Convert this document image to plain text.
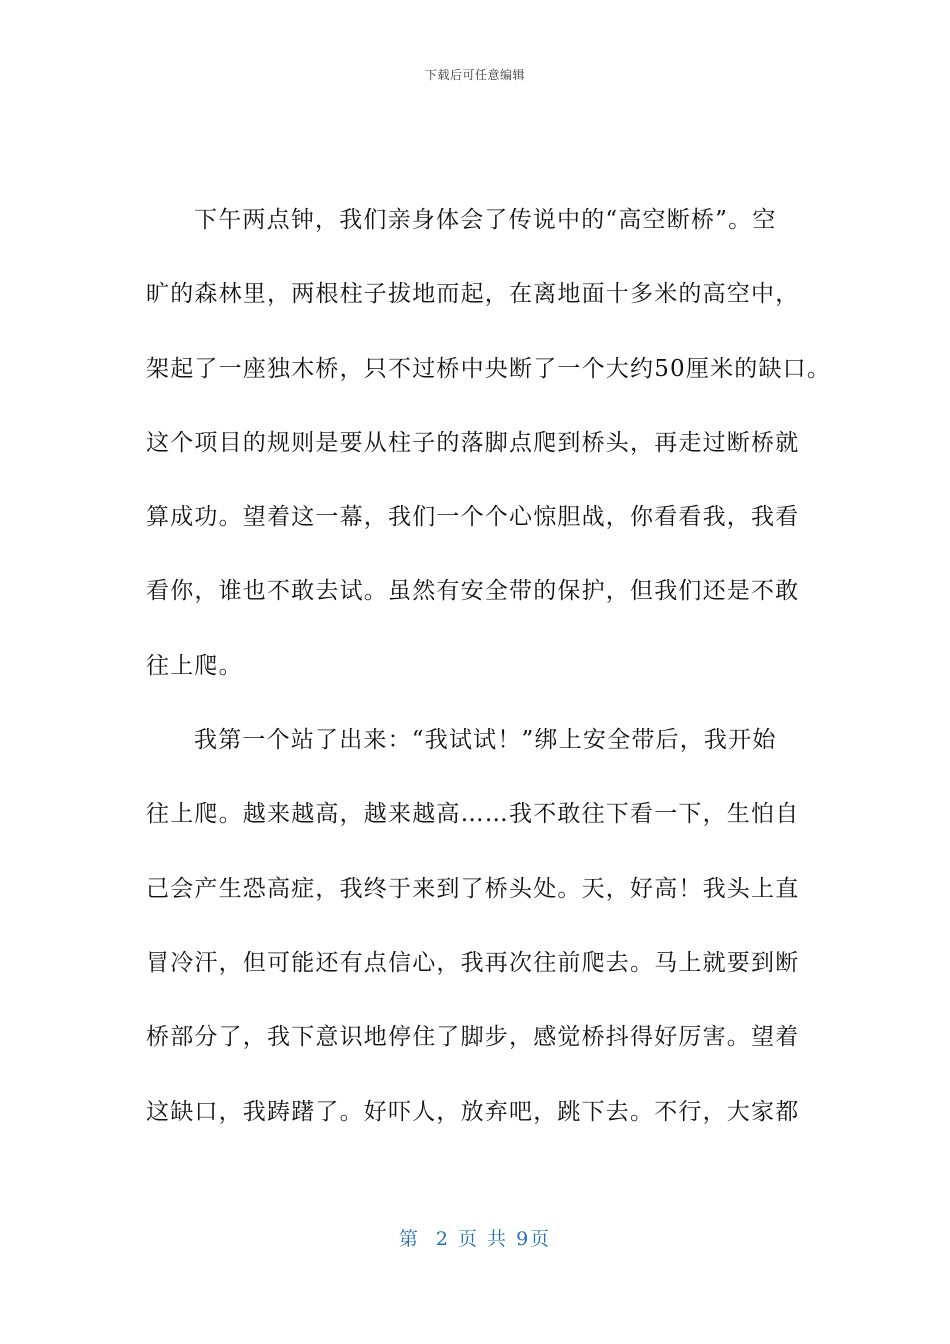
下载后可任意编辑
下午两点钟，我们亲身体会了传说中的“高空断桥”。空
旷的森林里，两根柱子拔地而起，在离地面十多米的高空中，
架起了一座独木桥，只不过桥中央断了一个大约50厘米的缺口。
这个项目的规则是要从柱子的落脚点爬到桥头，再走过断桥就
算成功。望着这一幕，我们一个个心惊胆战，你看看我，我看
看你，谁也不敢去试。虽然有安全带的保护，但我们还是不敢
往上爬。
我第一个站了出来：“我试试！”绑上安全带后，我开始
往上爬。越来越高，越来越高……我不敢往下看一下，生怕自
己会产生恐高症，我终于来到了桥头处。天，好高！我头上直
冒冷汗，但可能还有点信心，我再次往前爬去。马上就要到断
桥部分了，我下意识地停住了脚步，感觉桥抖得好厉害。望着
这缺口，我踌躇了。好吓人，放弃吧，跳下去。不行，大家都
第  2 页 共 9页
